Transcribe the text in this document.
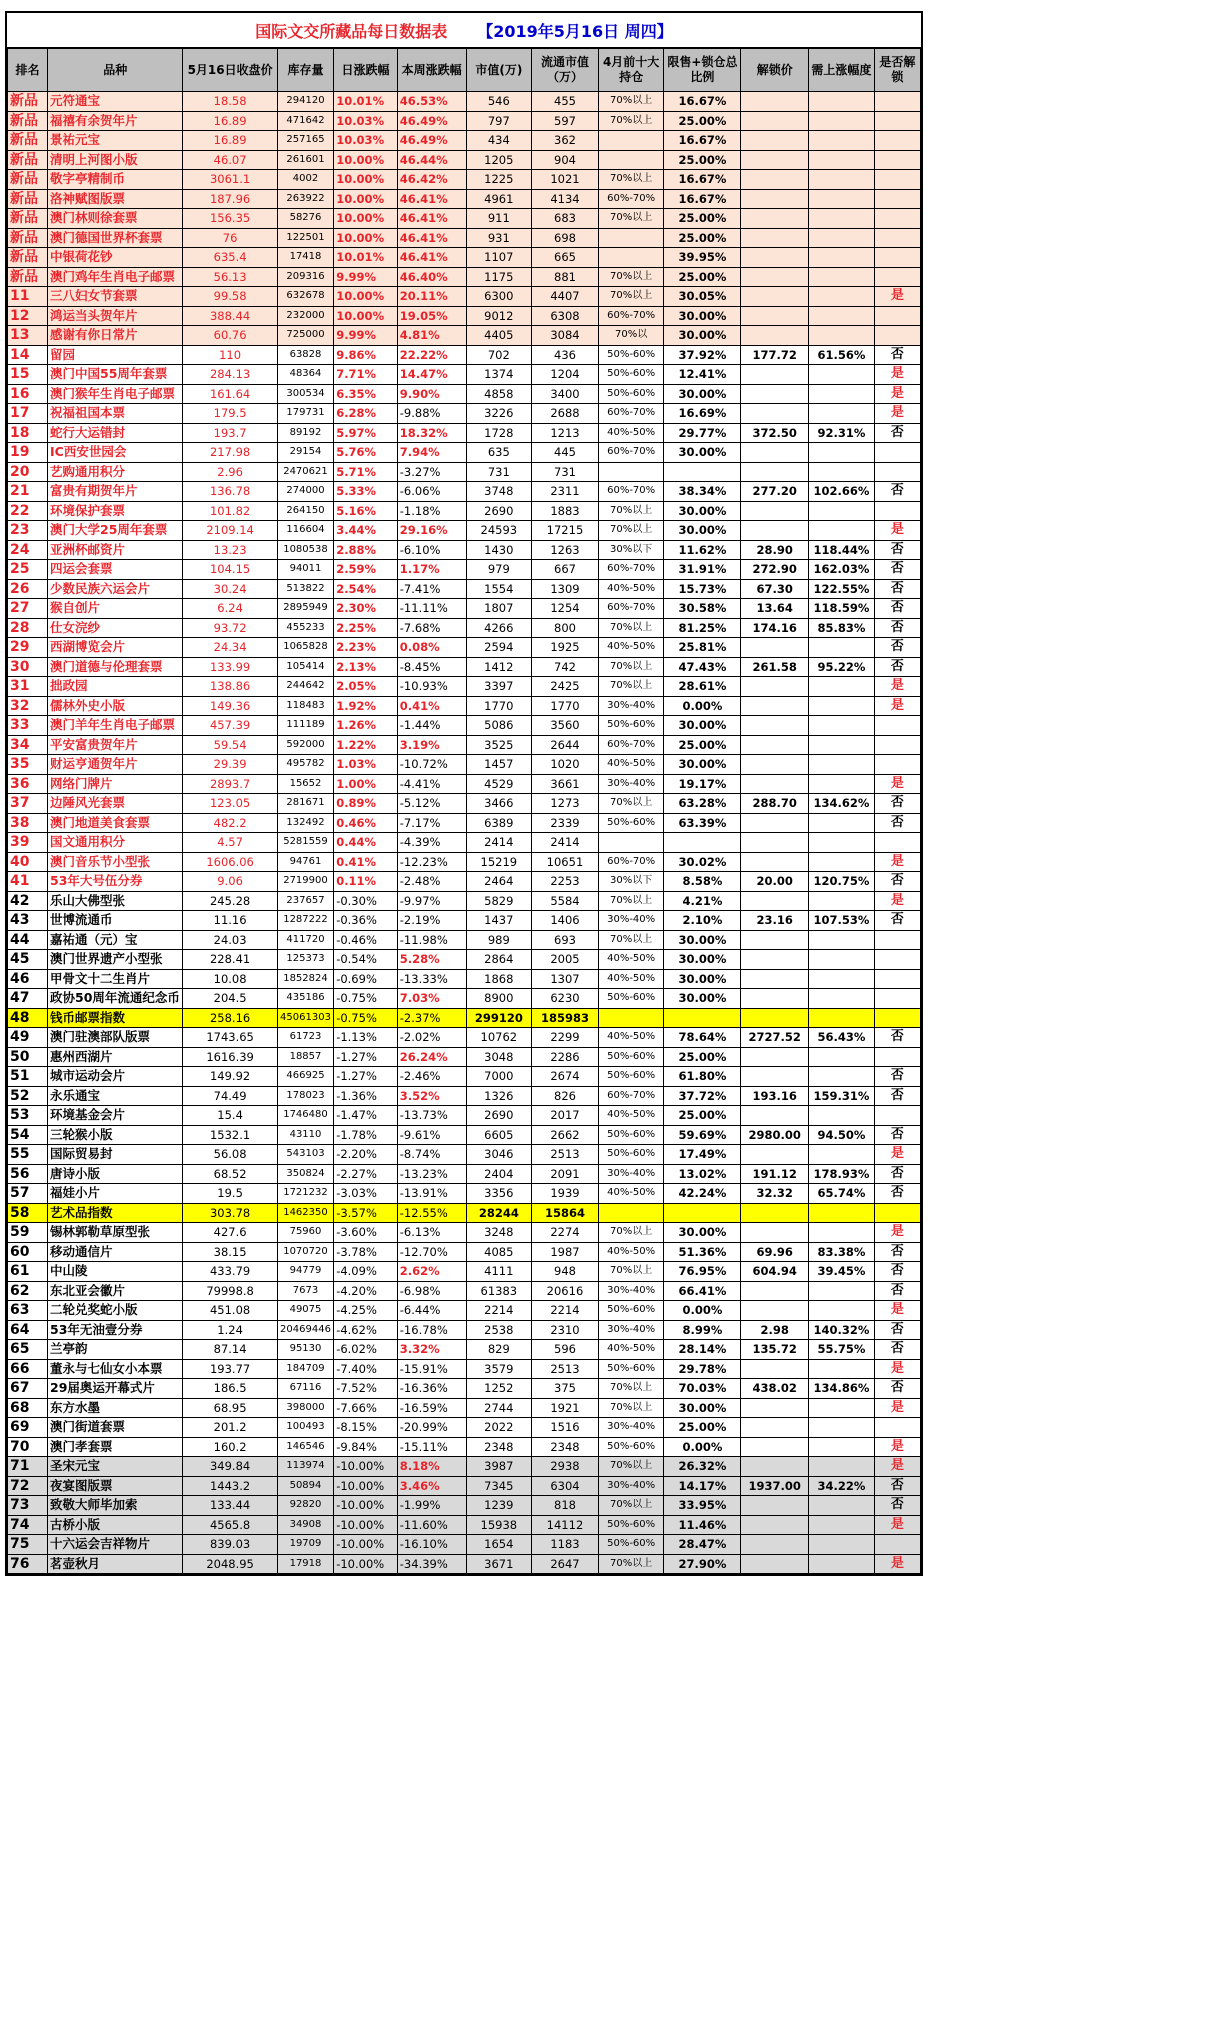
国际文交所藏品每日数据表 【2019年5月16日 周四】
排名	品种	5月16日收盘价	库存量	日涨跌幅	本周涨跌幅	市值(万)	流通市值（万）	4月前十大持仓	限售+锁仓总比例	解锁价	需上涨幅度	是否解锁
新品	元符通宝	18.58	294120	10.01%	46.53%	546	455	70%以上	16.67%			
新品	福禧有余贺年片	16.89	471642	10.03%	46.49%	797	597	70%以上	25.00%			
新品	景祐元宝	16.89	257165	10.03%	46.49%	434	362		16.67%			
新品	清明上河图小版	46.07	261601	10.00%	46.44%	1205	904		25.00%			
新品	敬字亭精制币	3061.1	4002	10.00%	46.42%	1225	1021	70%以上	16.67%			
新品	洛神赋图版票	187.96	263922	10.00%	46.41%	4961	4134	60%-70%	16.67%			
新品	澳门林则徐套票	156.35	58276	10.00%	46.41%	911	683	70%以上	25.00%			
新品	澳门德国世界杯套票	76	122501	10.00%	46.41%	931	698		25.00%			
新品	中银荷花钞	635.4	17418	10.01%	46.41%	1107	665		39.95%			
新品	澳门鸡年生肖电子邮票	56.13	209316	9.99%	46.40%	1175	881	70%以上	25.00%			
11	三八妇女节套票	99.58	632678	10.00%	20.11%	6300	4407	70%以上	30.05%			是
12	鸿运当头贺年片	388.44	232000	10.00%	19.05%	9012	6308	60%-70%	30.00%			
13	感谢有你日常片	60.76	725000	9.99%	4.81%	4405	3084	70%以	30.00%			
14	留园	110	63828	9.86%	22.22%	702	436	50%-60%	37.92%	177.72	61.56%	否
15	澳门中国55周年套票	284.13	48364	7.71%	14.47%	1374	1204	50%-60%	12.41%			是
16	澳门猴年生肖电子邮票	161.64	300534	6.35%	9.90%	4858	3400	50%-60%	30.00%			是
17	祝福祖国本票	179.5	179731	6.28%	-9.88%	3226	2688	60%-70%	16.69%			是
18	蛇行大运错封	193.7	89192	5.97%	18.32%	1728	1213	40%-50%	29.77%	372.50	92.31%	否
19	IC西安世园会	217.98	29154	5.76%	7.94%	635	445	60%-70%	30.00%			
20	艺购通用积分	2.96	2470621	5.71%	-3.27%	731	731					
21	富贵有期贺年片	136.78	274000	5.33%	-6.06%	3748	2311	60%-70%	38.34%	277.20	102.66%	否
22	环境保护套票	101.82	264150	5.16%	-1.18%	2690	1883	70%以上	30.00%			
23	澳门大学25周年套票	2109.14	116604	3.44%	29.16%	24593	17215	70%以上	30.00%			是
24	亚洲杯邮资片	13.23	1080538	2.88%	-6.10%	1430	1263	30%以下	11.62%	28.90	118.44%	否
25	四运会套票	104.15	94011	2.59%	1.17%	979	667	60%-70%	31.91%	272.90	162.03%	否
26	少数民族六运会片	30.24	513822	2.54%	-7.41%	1554	1309	40%-50%	15.73%	67.30	122.55%	否
27	猴自创片	6.24	2895949	2.30%	-11.11%	1807	1254	60%-70%	30.58%	13.64	118.59%	否
28	仕女浣纱	93.72	455233	2.25%	-7.68%	4266	800	70%以上	81.25%	174.16	85.83%	否
29	西湖博览会片	24.34	1065828	2.23%	0.08%	2594	1925	40%-50%	25.81%			否
30	澳门道德与伦理套票	133.99	105414	2.13%	-8.45%	1412	742	70%以上	47.43%	261.58	95.22%	否
31	拙政园	138.86	244642	2.05%	-10.93%	3397	2425	70%以上	28.61%			是
32	儒林外史小版	149.36	118483	1.92%	0.41%	1770	1770	30%-40%	0.00%			是
33	澳门羊年生肖电子邮票	457.39	111189	1.26%	-1.44%	5086	3560	50%-60%	30.00%			
34	平安富贵贺年片	59.54	592000	1.22%	3.19%	3525	2644	60%-70%	25.00%			
35	财运亨通贺年片	29.39	495782	1.03%	-10.72%	1457	1020	40%-50%	30.00%			
36	网络门牌片	2893.7	15652	1.00%	-4.41%	4529	3661	30%-40%	19.17%			是
37	边陲风光套票	123.05	281671	0.89%	-5.12%	3466	1273	70%以上	63.28%	288.70	134.62%	否
38	澳门地道美食套票	482.2	132492	0.46%	-7.17%	6389	2339	50%-60%	63.39%			否
39	国文通用积分	4.57	5281559	0.44%	-4.39%	2414	2414					
40	澳门音乐节小型张	1606.06	94761	0.41%	-12.23%	15219	10651	60%-70%	30.02%			是
41	53年大号伍分券	9.06	2719900	0.11%	-2.48%	2464	2253	30%以下	8.58%	20.00	120.75%	否
42	乐山大佛型张	245.28	237657	-0.30%	-9.97%	5829	5584	70%以上	4.21%			是
43	世博流通币	11.16	1287222	-0.36%	-2.19%	1437	1406	30%-40%	2.10%	23.16	107.53%	否
44	嘉祐通（元）宝	24.03	411720	-0.46%	-11.98%	989	693	70%以上	30.00%			
45	澳门世界遗产小型张	228.41	125373	-0.54%	5.28%	2864	2005	40%-50%	30.00%			
46	甲骨文十二生肖片	10.08	1852824	-0.69%	-13.33%	1868	1307	40%-50%	30.00%			
47	政协50周年流通纪念币	204.5	435186	-0.75%	7.03%	8900	6230	50%-60%	30.00%			
48	钱币邮票指数	258.16	45061303	-0.75%	-2.37%	299120	185983					
49	澳门驻澳部队版票	1743.65	61723	-1.13%	-2.02%	10762	2299	40%-50%	78.64%	2727.52	56.43%	否
50	惠州西湖片	1616.39	18857	-1.27%	26.24%	3048	2286	50%-60%	25.00%			
51	城市运动会片	149.92	466925	-1.27%	-2.46%	7000	2674	50%-60%	61.80%			否
52	永乐通宝	74.49	178023	-1.36%	3.52%	1326	826	60%-70%	37.72%	193.16	159.31%	否
53	环境基金会片	15.4	1746480	-1.47%	-13.73%	2690	2017	40%-50%	25.00%			
54	三轮猴小版	1532.1	43110	-1.78%	-9.61%	6605	2662	50%-60%	59.69%	2980.00	94.50%	否
55	国际贸易封	56.08	543103	-2.20%	-8.74%	3046	2513	50%-60%	17.49%			是
56	唐诗小版	68.52	350824	-2.27%	-13.23%	2404	2091	30%-40%	13.02%	191.12	178.93%	否
57	福娃小片	19.5	1721232	-3.03%	-13.91%	3356	1939	40%-50%	42.24%	32.32	65.74%	否
58	艺术品指数	303.78	1462350	-3.57%	-12.55%	28244	15864					
59	锡林郭勒草原型张	427.6	75960	-3.60%	-6.13%	3248	2274	70%以上	30.00%			是
60	移动通信片	38.15	1070720	-3.78%	-12.70%	4085	1987	40%-50%	51.36%	69.96	83.38%	否
61	中山陵	433.79	94779	-4.09%	2.62%	4111	948	70%以上	76.95%	604.94	39.45%	否
62	东北亚会徽片	79998.8	7673	-4.20%	-6.98%	61383	20616	30%-40%	66.41%			否
63	二轮兑奖蛇小版	451.08	49075	-4.25%	-6.44%	2214	2214	50%-60%	0.00%			是
64	53年无油壹分券	1.24	20469446	-4.62%	-16.78%	2538	2310	30%-40%	8.99%	2.98	140.32%	否
65	兰亭韵	87.14	95130	-6.02%	3.32%	829	596	40%-50%	28.14%	135.72	55.75%	否
66	董永与七仙女小本票	193.77	184709	-7.40%	-15.91%	3579	2513	50%-60%	29.78%			是
67	29届奥运开幕式片	186.5	67116	-7.52%	-16.36%	1252	375	70%以上	70.03%	438.02	134.86%	否
68	东方水墨	68.95	398000	-7.66%	-16.59%	2744	1921	70%以上	30.00%			是
69	澳门街道套票	201.2	100493	-8.15%	-20.99%	2022	1516	30%-40%	25.00%			
70	澳门孝套票	160.2	146546	-9.84%	-15.11%	2348	2348	50%-60%	0.00%			是
71	圣宋元宝	349.84	113974	-10.00%	8.18%	3987	2938	70%以上	26.32%			是
72	夜宴图版票	1443.2	50894	-10.00%	3.46%	7345	6304	30%-40%	14.17%	1937.00	34.22%	否
73	致敬大师毕加索	133.44	92820	-10.00%	-1.99%	1239	818	70%以上	33.95%			否
74	古桥小版	4565.8	34908	-10.00%	-11.60%	15938	14112	50%-60%	11.46%			是
75	十六运会吉祥物片	839.03	19709	-10.00%	-16.10%	1654	1183	50%-60%	28.47%			
76	茗壶秋月	2048.95	17918	-10.00%	-34.39%	3671	2647	70%以上	27.90%			是
